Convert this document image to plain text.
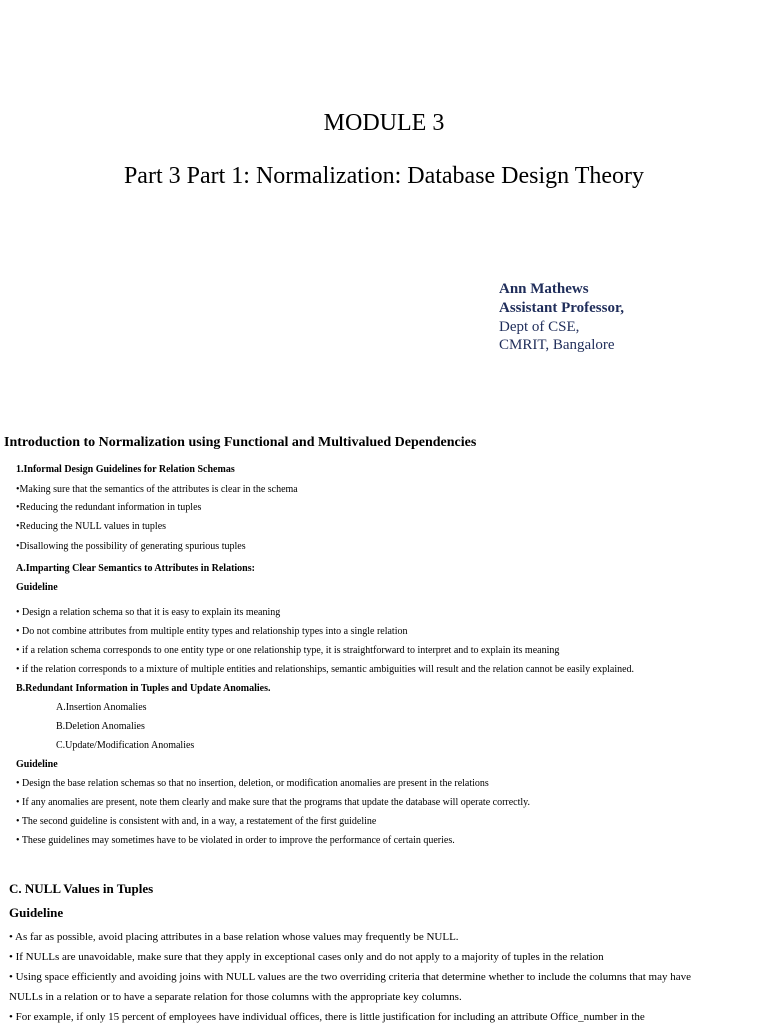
MODULE 3
Part 3 Part 1: Normalization: Database Design Theory
Ann Mathews
Assistant Professor,
Dept of CSE,
CMRIT, Bangalore
Introduction to Normalization using Functional and Multivalued Dependencies
1.Informal Design Guidelines for Relation Schemas
•Making sure that the semantics of the attributes is clear in the schema
•Reducing the redundant information in tuples
•Reducing the NULL values in tuples
•Disallowing the possibility of generating spurious tuples
A.Imparting Clear Semantics to Attributes in Relations:
Guideline
• Design a relation schema so that it is easy to explain its meaning
• Do not combine attributes from multiple entity types and relationship types into a single relation
• if a relation schema corresponds to one entity type or one relationship type, it is straightforward to interpret and to explain its meaning
• if the relation corresponds to a mixture of multiple entities and relationships, semantic ambiguities will result and the relation cannot be easily explained.
B.Redundant Information in Tuples and Update Anomalies.
A.Insertion Anomalies
B.Deletion Anomalies
C.Update/Modification Anomalies
Guideline
• Design the base relation schemas so that no insertion, deletion, or modification anomalies are present in the relations
• If any anomalies are present, note them clearly and make sure that the programs that update the database will operate correctly.
• The second guideline is consistent with and, in a way, a restatement of the first guideline
• These guidelines may sometimes have to be violated in order to improve the performance of certain queries.
C. NULL Values in Tuples
Guideline
• As far as possible, avoid placing attributes in a base relation whose values may frequently be NULL.
• If NULLs are unavoidable, make sure that they apply in exceptional cases only and do not apply to a majority of tuples in the relation
• Using space efficiently and avoiding joins with NULL values are the two overriding criteria that determine whether to include the columns that may have
NULLs in a relation or to have a separate relation for those columns with the appropriate key columns.
• For example, if only 15 percent of employees have individual offices, there is little justification for including an attribute Office_number in the
